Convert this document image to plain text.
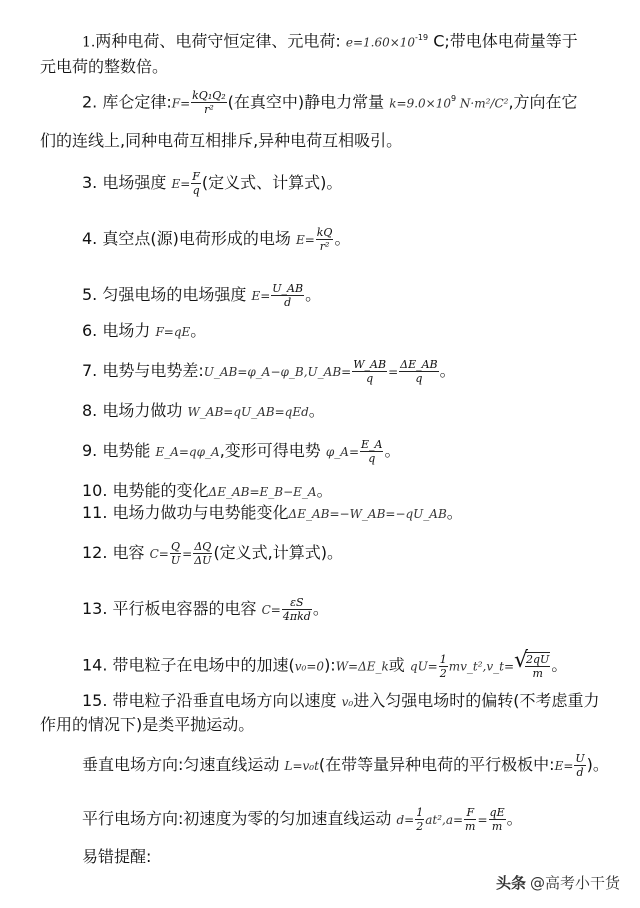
1.两种电荷、电荷守恒定律、元电荷: $e=1.60\times 10^{-19}$ C;带电体电荷量等于
元电荷的整数倍。
2. 库仑定律:F= $\frac{\text{kQ₁Q₂}}{\text{r²}}$ (在真空中)静电力常量 $k=9.0\times 10^9$ N·m²/C²,方向在它
们的连线上,同种电荷互相排斥,异种电荷互相吸引。
3. 电场强度 $E= \frac{F}{q}$ (定义式、计算式)。
4. 真空点(源)电荷形成的电场 $E= \frac{kQ}{\text{r²}}$ 。
5. 匀强电场的电场强度 $E= \frac{U\_AB}{d}$ 。
6. 电场力 F=qE。
7. 电势与电势差:U_AB=φ_A−φ_B,U_AB= $\frac{W\_AB}{q} = \frac{\Delta E\_AB}{q}$ 。
8. 电场力做功 W_AB=qU_AB=qEd。
9. 电势能 E_A=qφ_A,变形可得电势 φ_A= $\frac{E\_A}{q}$ 。
10. 电势能的变化ΔE_AB=E_B−E_A。
11. 电场力做功与电势能变化ΔE_AB=−W_AB=−qU_AB。
12. 电容 $C= \frac{Q}{U} = \frac{\Delta Q}{\Delta U}$ (定义式,计算式)。
13. 平行板电容器的电容 $C= \frac{\varepsilon S}{\text{4πkd}}$ 。
14. 带电粒子在电场中的加速(v₀=0):W=ΔE_k或 $qU= \frac{1}{2}$ mv_t²,v_t=
√ $\frac{2qU}{m}$ 。
15. 带电粒子沿垂直电场方向以速度 v₀进入匀强电场时的偏转(不考虑重力
作用的情况下)是类平抛运动。
垂直电场方向:匀速直线运动 L=v₀t(在带等量异种电荷的平行极板中:E= $\frac{U}{d}$ )。
平行电场方向:初速度为零的匀加速直线运动 $d= \frac{1}{2} at^2,a= \frac{F}{m} = \frac{qE}{m}$ 。
易错提醒:
头条 @高考小干货
